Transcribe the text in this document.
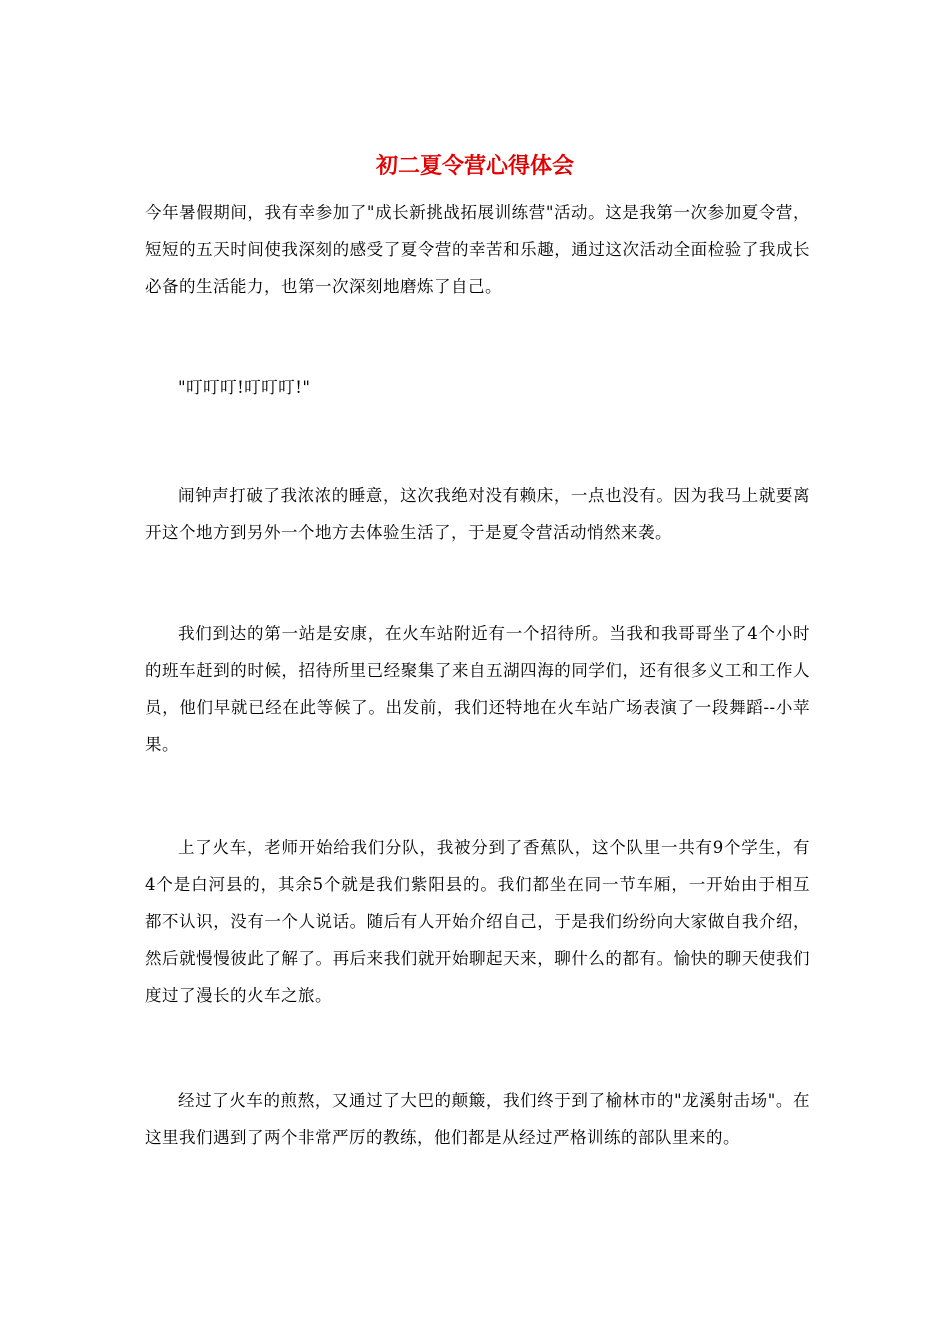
初二夏令营心得体会

今年暑假期间，我有幸参加了"成长新挑战拓展训练营"活动。这是我第一次参加夏令营，短短的五天时间使我深刻的感受了夏令营的幸苦和乐趣，通过这次活动全面检验了我成长必备的生活能力，也第一次深刻地磨炼了自己。

"叮叮叮!叮叮叮!"

闹钟声打破了我浓浓的睡意，这次我绝对没有赖床，一点也没有。因为我马上就要离开这个地方到另外一个地方去体验生活了，于是夏令营活动悄然来袭。

我们到达的第一站是安康，在火车站附近有一个招待所。当我和我哥哥坐了4个小时的班车赶到的时候，招待所里已经聚集了来自五湖四海的同学们，还有很多义工和工作人员，他们早就已经在此等候了。出发前，我们还特地在火车站广场表演了一段舞蹈--小苹果。

上了火车，老师开始给我们分队，我被分到了香蕉队，这个队里一共有9个学生，有4个是白河县的，其余5个就是我们紫阳县的。我们都坐在同一节车厢，一开始由于相互都不认识，没有一个人说话。随后有人开始介绍自己，于是我们纷纷向大家做自我介绍，然后就慢慢彼此了解了。再后来我们就开始聊起天来，聊什么的都有。愉快的聊天使我们度过了漫长的火车之旅。

经过了火车的煎熬，又通过了大巴的颠簸，我们终于到了榆林市的"龙溪射击场"。在这里我们遇到了两个非常严厉的教练，他们都是从经过严格训练的部队里来的。
